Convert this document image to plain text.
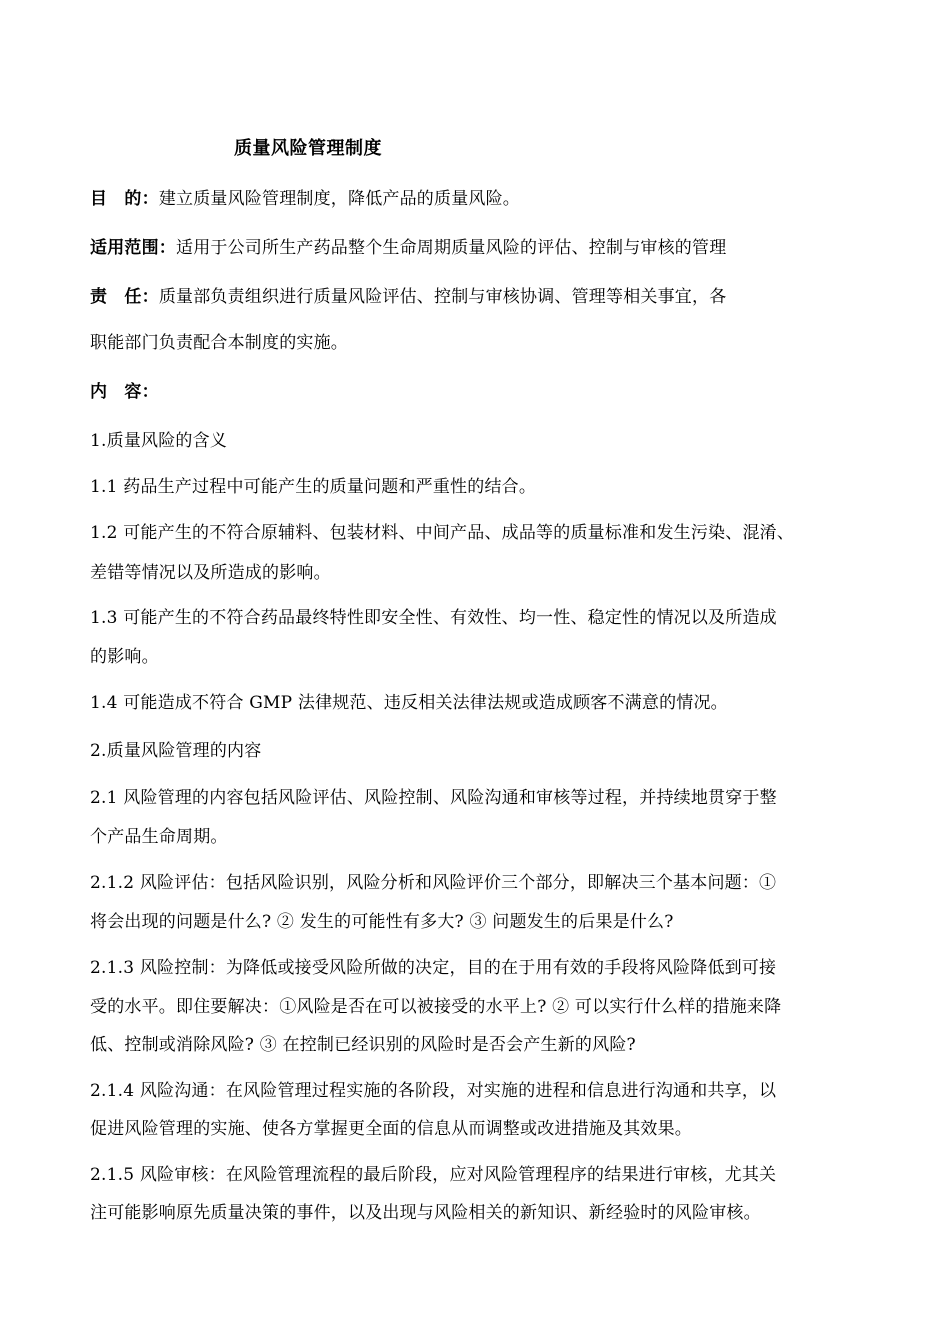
质量风险管理制度
目　的：建立质量风险管理制度，降低产品的质量风险。
适用范围：适用于公司所生产药品整个生命周期质量风险的评估、控制与审核的管理
责　任：质量部负责组织进行质量风险评估、控制与审核协调、管理等相关事宜，各
职能部门负责配合本制度的实施。
内　容：
1.质量风险的含义
1.1 药品生产过程中可能产生的质量问题和严重性的结合。
1.2 可能产生的不符合原辅料、包装材料、中间产品、成品等的质量标准和发生污染、混淆、
差错等情况以及所造成的影响。
1.3 可能产生的不符合药品最终特性即安全性、有效性、均一性、稳定性的情况以及所造成
的影响。
1.4 可能造成不符合 GMP 法律规范、违反相关法律法规或造成顾客不满意的情况。
2.质量风险管理的内容
2.1 风险管理的内容包括风险评估、风险控制、风险沟通和审核等过程，并持续地贯穿于整
个产品生命周期。
2.1.2 风险评估：包括风险识别，风险分析和风险评价三个部分，即解决三个基本问题：①
将会出现的问题是什么? ② 发生的可能性有多大? ③ 问题发生的后果是什么?
2.1.3 风险控制：为降低或接受风险所做的决定，目的在于用有效的手段将风险降低到可接
受的水平。即住要解决：①风险是否在可以被接受的水平上? ② 可以实行什么样的措施来降
低、控制或消除风险? ③ 在控制已经识别的风险时是否会产生新的风险?
2.1.4 风险沟通：在风险管理过程实施的各阶段，对实施的进程和信息进行沟通和共享，以
促进风险管理的实施、使各方掌握更全面的信息从而调整或改进措施及其效果。
2.1.5 风险审核：在风险管理流程的最后阶段，应对风险管理程序的结果进行审核，尤其关
注可能影响原先质量决策的事件，以及出现与风险相关的新知识、新经验时的风险审核。
